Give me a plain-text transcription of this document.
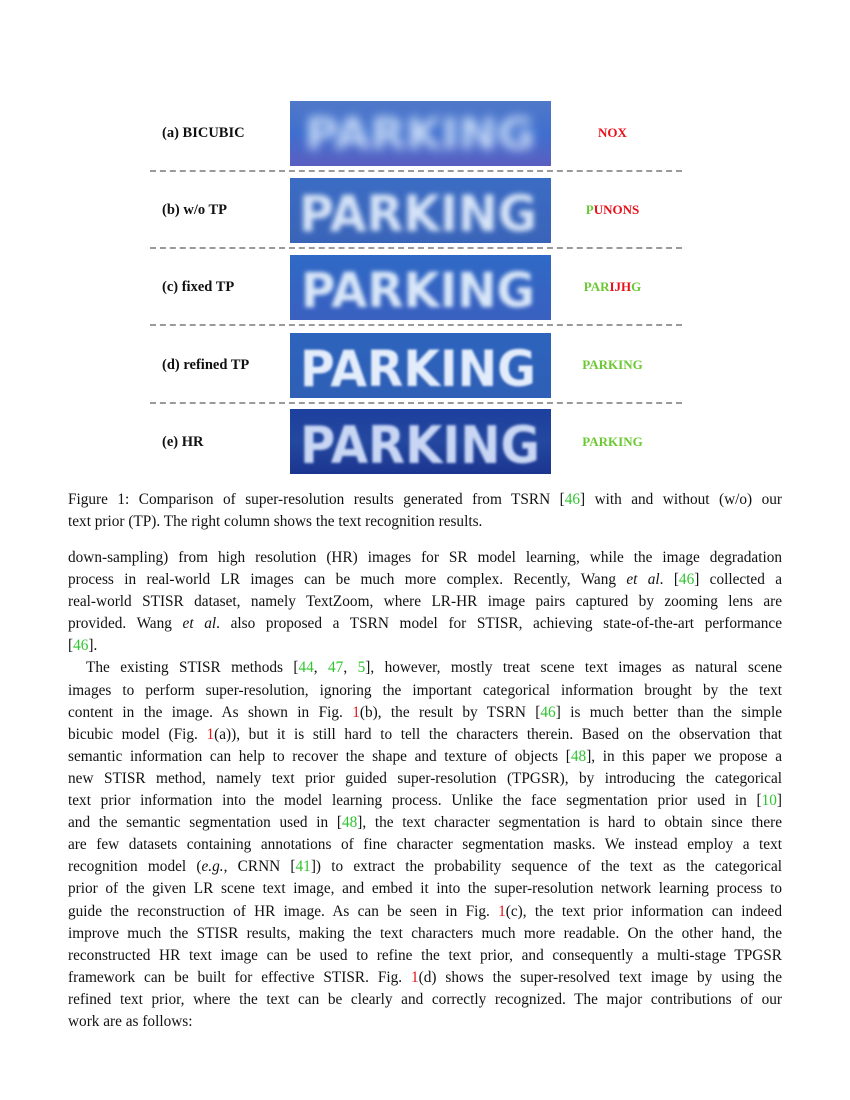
(a) BICUBIC PARKING	NOX
(b) w/o TP PARKING	PUNONS
(c) fixed TP PARKING	PARIJHG
(d) refined TP PARKING	PARKING
(e) HR PARKING	PARKING
Figure 1: Comparison of super-resolution results generated from TSRN [46] with and without (w/o) our
text prior (TP). The right column shows the text recognition results.
down-sampling) from high resolution (HR) images for SR model learning, while the image degradation
process in real-world LR images can be much more complex. Recently, Wang et al. [46] collected a
real-world STISR dataset, namely TextZoom, where LR-HR image pairs captured by zooming lens are
provided. Wang et al. also proposed a TSRN model for STISR, achieving state-of-the-art performance
[46].
The existing STISR methods [44, 47, 5], however, mostly treat scene text images as natural scene
images to perform super-resolution, ignoring the important categorical information brought by the text
content in the image. As shown in Fig. 1(b), the result by TSRN [46] is much better than the simple
bicubic model (Fig. 1(a)), but it is still hard to tell the characters therein. Based on the observation that
semantic information can help to recover the shape and texture of objects [48], in this paper we propose a
new STISR method, namely text prior guided super-resolution (TPGSR), by introducing the categorical
text prior information into the model learning process. Unlike the face segmentation prior used in [10]
and the semantic segmentation used in [48], the text character segmentation is hard to obtain since there
are few datasets containing annotations of fine character segmentation masks. We instead employ a text
recognition model (e.g., CRNN [41]) to extract the probability sequence of the text as the categorical
prior of the given LR scene text image, and embed it into the super-resolution network learning process to
guide the reconstruction of HR image. As can be seen in Fig. 1(c), the text prior information can indeed
improve much the STISR results, making the text characters much more readable. On the other hand, the
reconstructed HR text image can be used to refine the text prior, and consequently a multi-stage TPGSR
framework can be built for effective STISR. Fig. 1(d) shows the super-resolved text image by using the
refined text prior, where the text can be clearly and correctly recognized. The major contributions of our
work are as follows:
